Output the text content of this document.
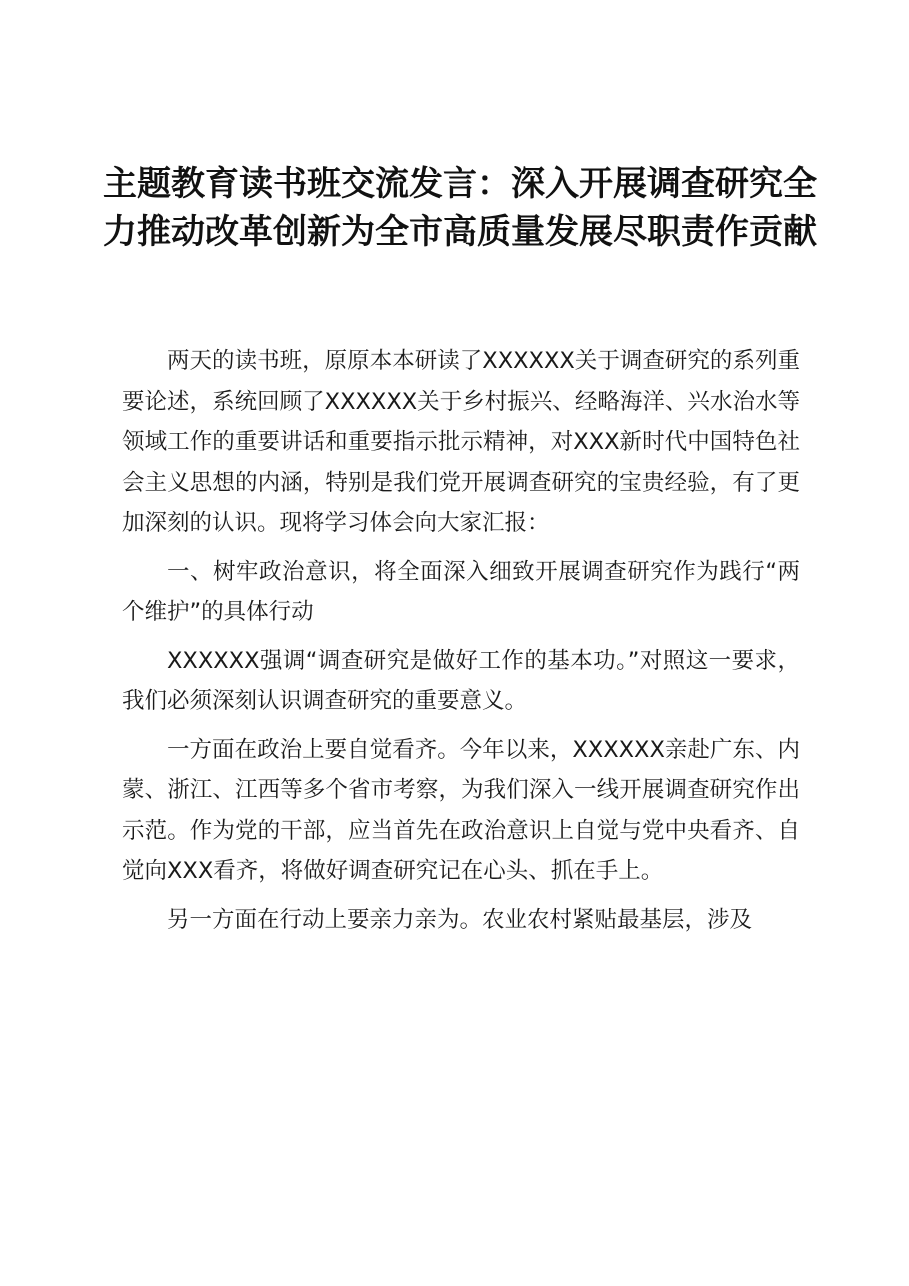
主题教育读书班交流发言：深入开展调查研究全力推动改革创新为全市高质量发展尽职责作贡献

两天的读书班，原原本本研读了XXXXXX关于调查研究的系列重要论述，系统回顾了XXXXXX关于乡村振兴、经略海洋、兴水治水等领域工作的重要讲话和重要指示批示精神，对XXX新时代中国特色社会主义思想的内涵，特别是我们党开展调查研究的宝贵经验，有了更加深刻的认识。现将学习体会向大家汇报：

一、树牢政治意识，将全面深入细致开展调查研究作为践行“两个维护”的具体行动

XXXXXX强调“调查研究是做好工作的基本功。”对照这一要求，我们必须深刻认识调查研究的重要意义。

一方面在政治上要自觉看齐。今年以来，XXXXXX亲赴广东、内蒙、浙江、江西等多个省市考察，为我们深入一线开展调查研究作出示范。作为党的干部，应当首先在政治意识上自觉与党中央看齐、自觉向XXX看齐，将做好调查研究记在心头、抓在手上。

另一方面在行动上要亲力亲为。农业农村紧贴最基层，涉及
